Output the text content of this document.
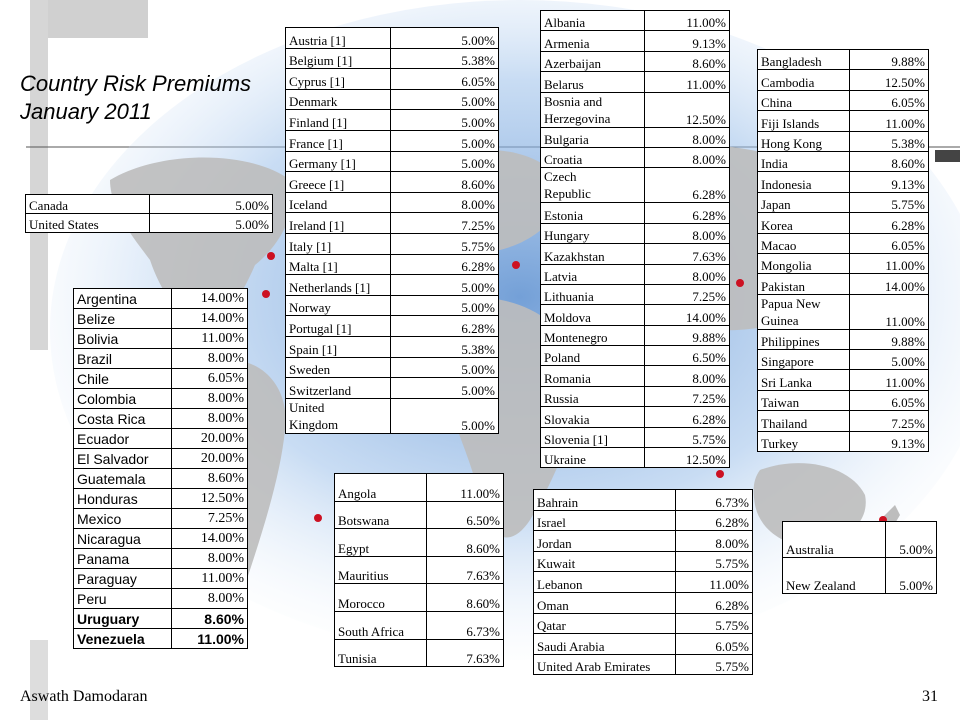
Country Risk Premiums
January 2011
Canada	5.00%
United States	5.00%
Argentina	14.00%
Belize	14.00%
Bolivia	11.00%
Brazil	8.00%
Chile	6.05%
Colombia	8.00%
Costa Rica	8.00%
Ecuador	20.00%
El Salvador	20.00%
Guatemala	8.60%
Honduras	12.50%
Mexico	7.25%
Nicaragua	14.00%
Panama	8.00%
Paraguay	11.00%
Peru	8.00%
Uruguary	8.60%
Venezuela	11.00%
Austria [1]	5.00%
Belgium [1]	5.38%
Cyprus [1]	6.05%
Denmark	5.00%
Finland [1]	5.00%
France [1]	5.00%
Germany [1]	5.00%
Greece [1]	8.60%
Iceland	8.00%
Ireland [1]	7.25%
Italy [1]	5.75%
Malta [1]	6.28%
Netherlands [1]	5.00%
Norway	5.00%
Portugal [1]	6.28%
Spain [1]	5.38%
Sweden	5.00%
Switzerland	5.00%
United
Kingdom	5.00%
Albania	11.00%
Armenia	9.13%
Azerbaijan	8.60%
Belarus	11.00%
Bosnia and
Herzegovina	12.50%
Bulgaria	8.00%
Croatia	8.00%
Czech
Republic	6.28%
Estonia	6.28%
Hungary	8.00%
Kazakhstan	7.63%
Latvia	8.00%
Lithuania	7.25%
Moldova	14.00%
Montenegro	9.88%
Poland	6.50%
Romania	8.00%
Russia	7.25%
Slovakia	6.28%
Slovenia [1]	5.75%
Ukraine	12.50%
Bangladesh	9.88%
Cambodia	12.50%
China	6.05%
Fiji Islands	11.00%
Hong Kong	5.38%
India	8.60%
Indonesia	9.13%
Japan	5.75%
Korea	6.28%
Macao	6.05%
Mongolia	11.00%
Pakistan	14.00%
Papua New
Guinea	11.00%
Philippines	9.88%
Singapore	5.00%
Sri Lanka	11.00%
Taiwan	6.05%
Thailand	7.25%
Turkey	9.13%
Angola	11.00%
Botswana	6.50%
Egypt	8.60%
Mauritius	7.63%
Morocco	8.60%
South Africa	6.73%
Tunisia	7.63%
Bahrain	6.73%
Israel	6.28%
Jordan	8.00%
Kuwait	5.75%
Lebanon	11.00%
Oman	6.28%
Qatar	5.75%
Saudi Arabia	6.05%
United Arab Emirates	5.75%
Australia	5.00%
New Zealand	5.00%
Aswath Damodaran	31
